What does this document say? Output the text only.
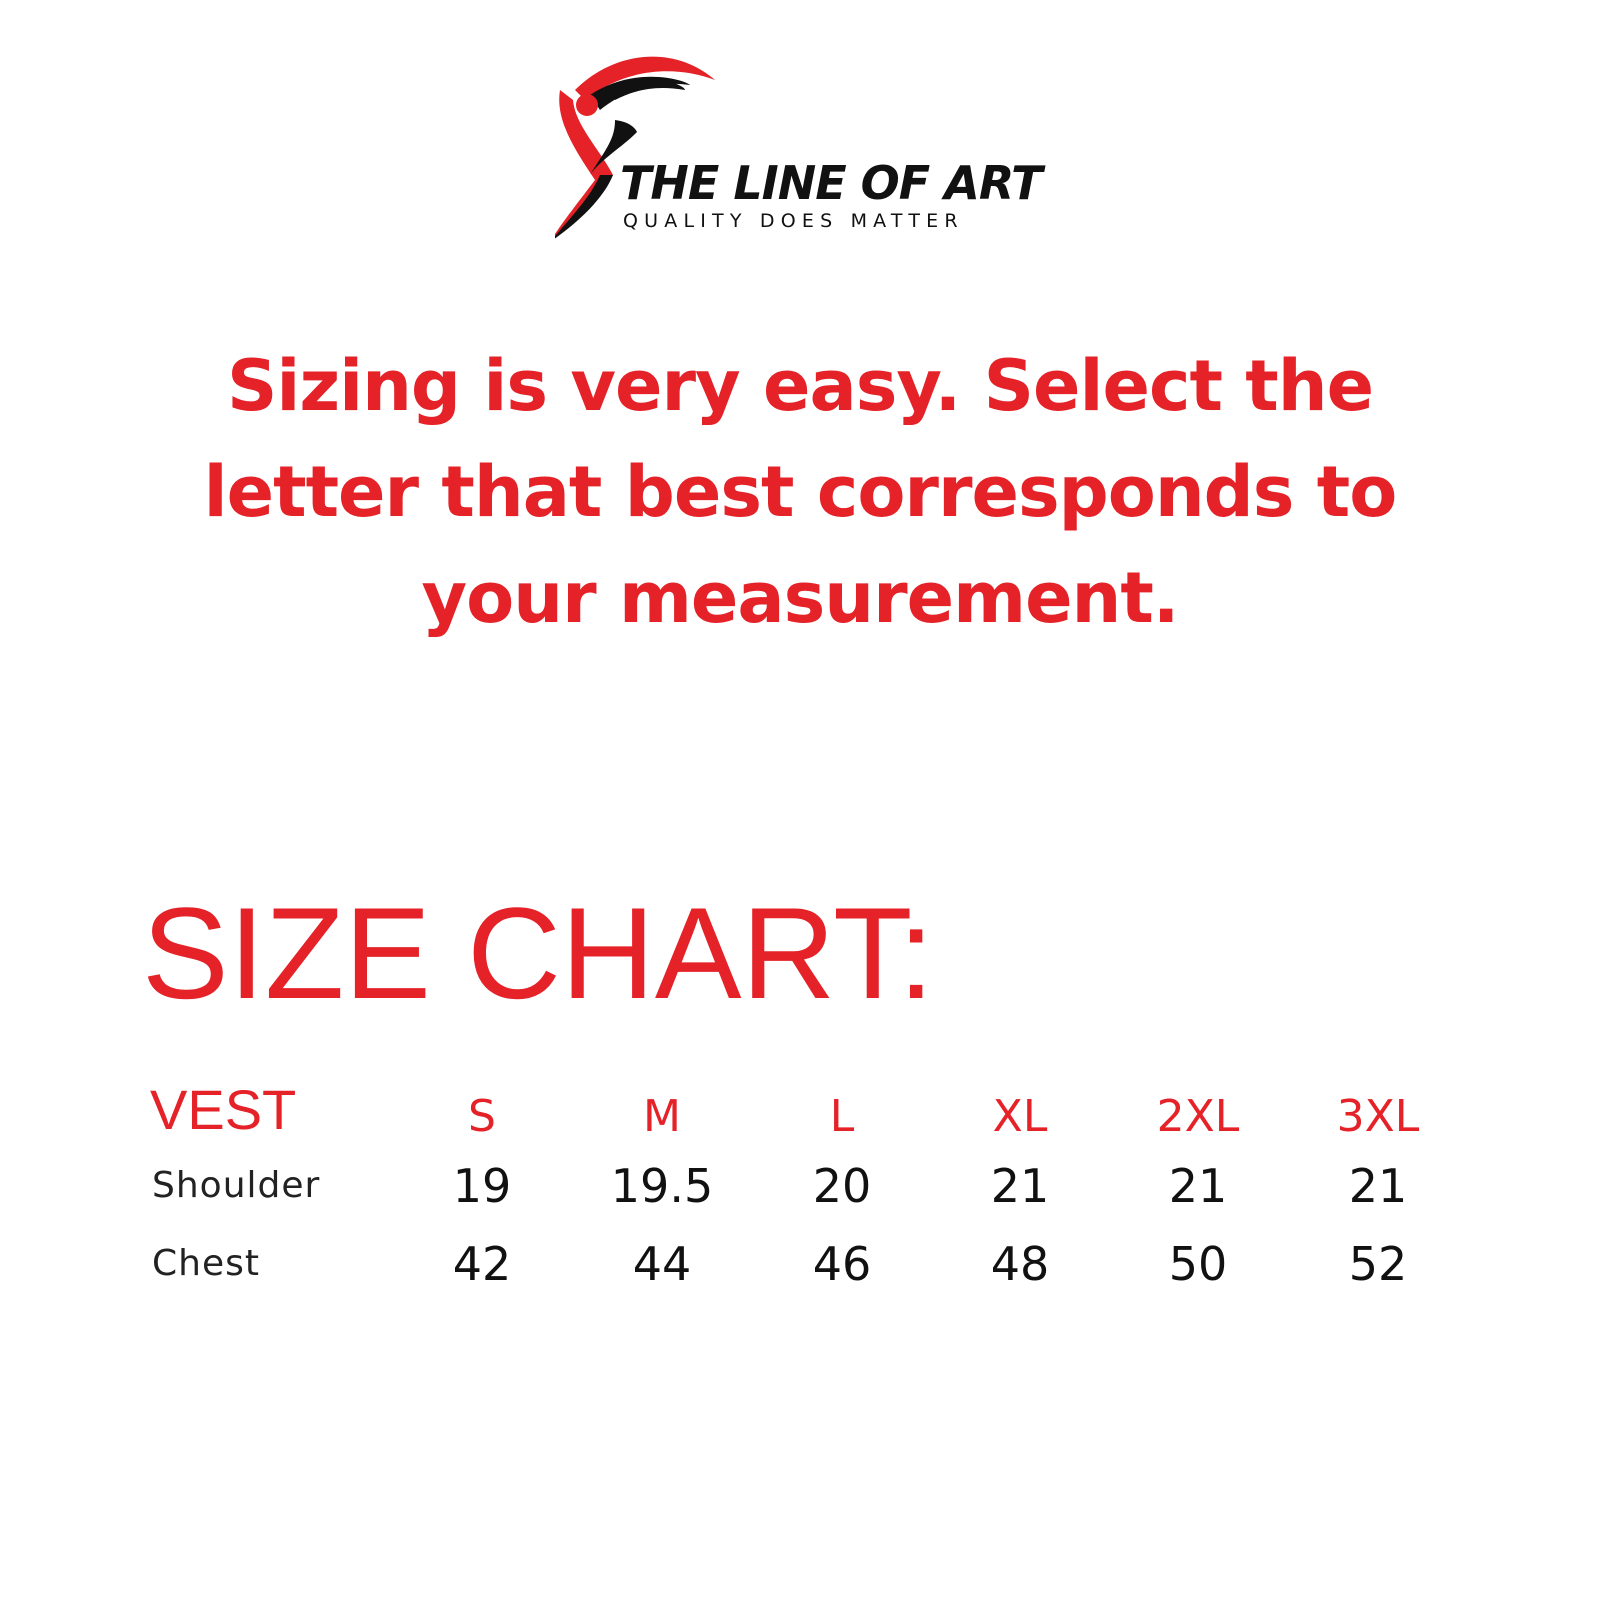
THE LINE OF ART
QUALITY DOES MATTER

Sizing is very easy. Select the
letter that best corresponds to
your measurement.

SIZE CHART:
VEST	S	M	L	XL 2XL 3XL
Shoulder	19 19.5 20	21	21	21
Chest	42	44	46	48	50	52
